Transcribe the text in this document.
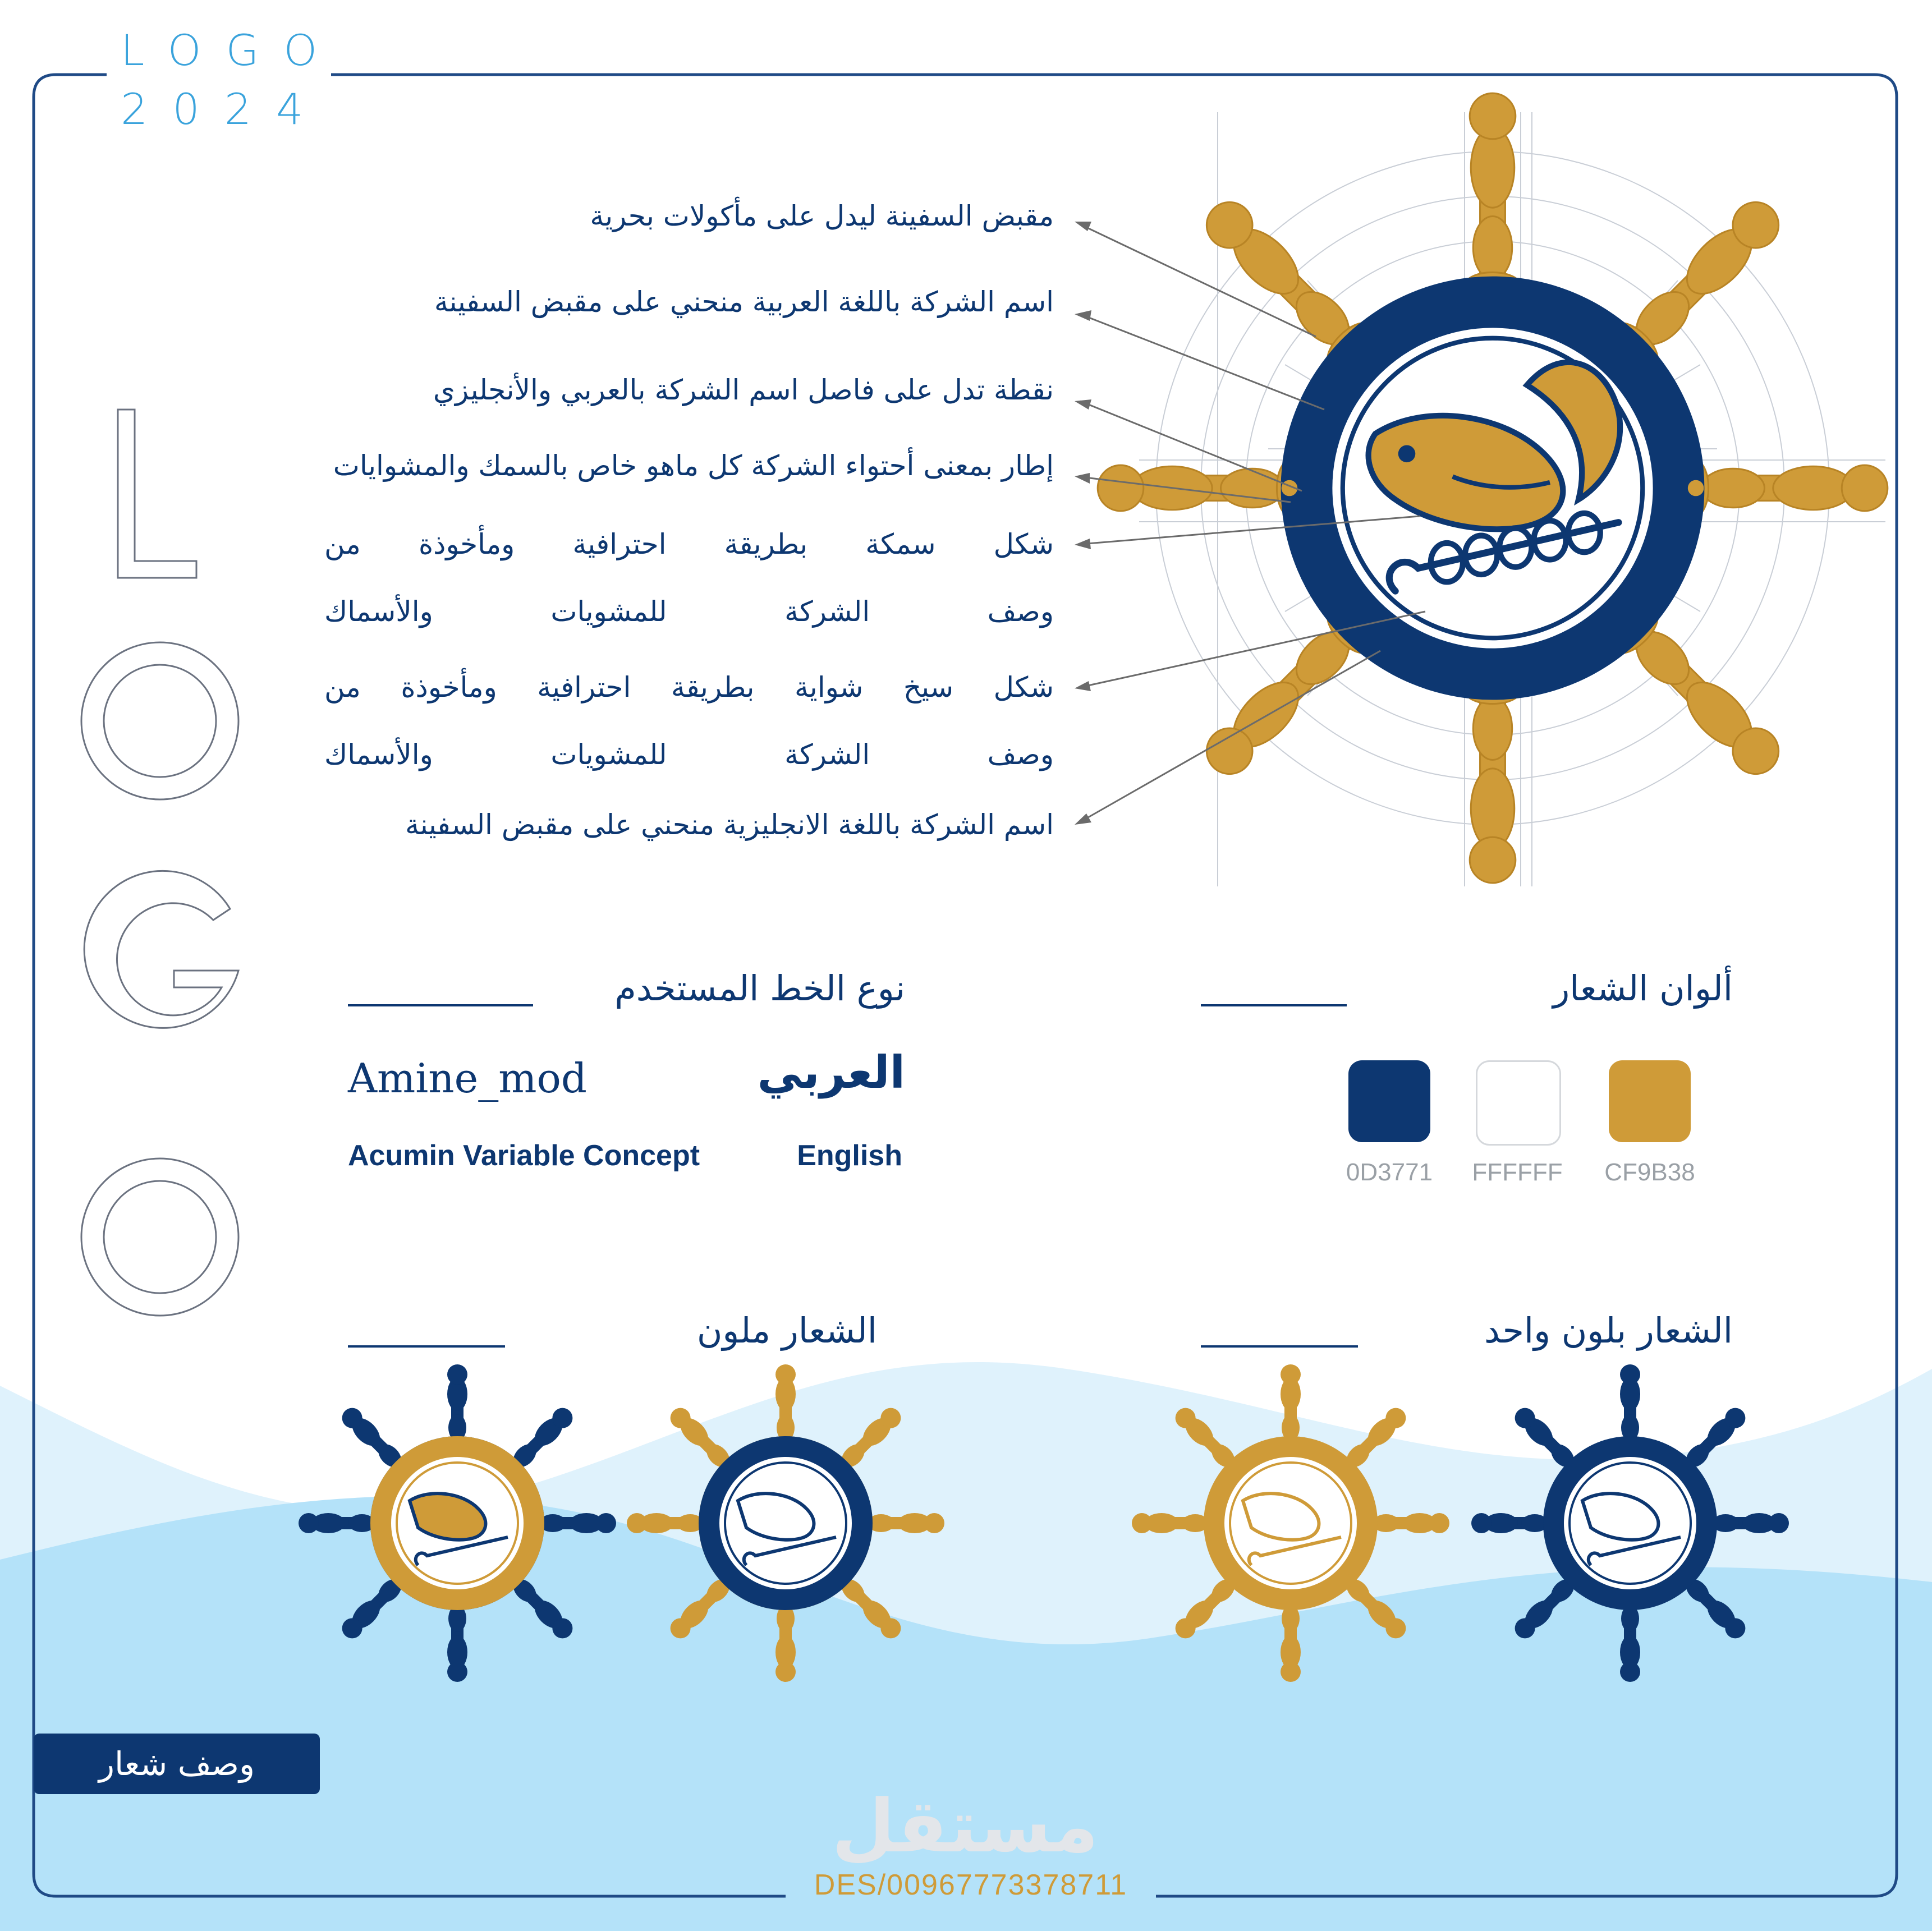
LOGO
2024
مقبض السفينة ليدل على مأكولات بحرية
اسم الشركة باللغة العربية منحني على مقبض السفينة
نقطة تدل على فاصل اسم الشركة بالعربي والأنجليزي
إطار بمعنى أحتواء الشركة كل ماهو خاص بالسمك والمشوايات
شكل سمكة بطريقة احترافية ومأخوذة من
وصف الشركة للمشويات والأسماك
شكل سيخ شواية بطريقة احترافية ومأخوذة من
وصف الشركة للمشويات والأسماك
اسم الشركة باللغة الانجليزية منحني على مقبض السفينة
ألوان الشعار
0D3771	FFFFFF	CF9B38
نوع الخط المستخدم
العربي
Amine_mod
English
Acumin Variable Concept
الشعار بلون واحد
الشعار ملون
وصف شعار
مستقل
DES/00967773378711
